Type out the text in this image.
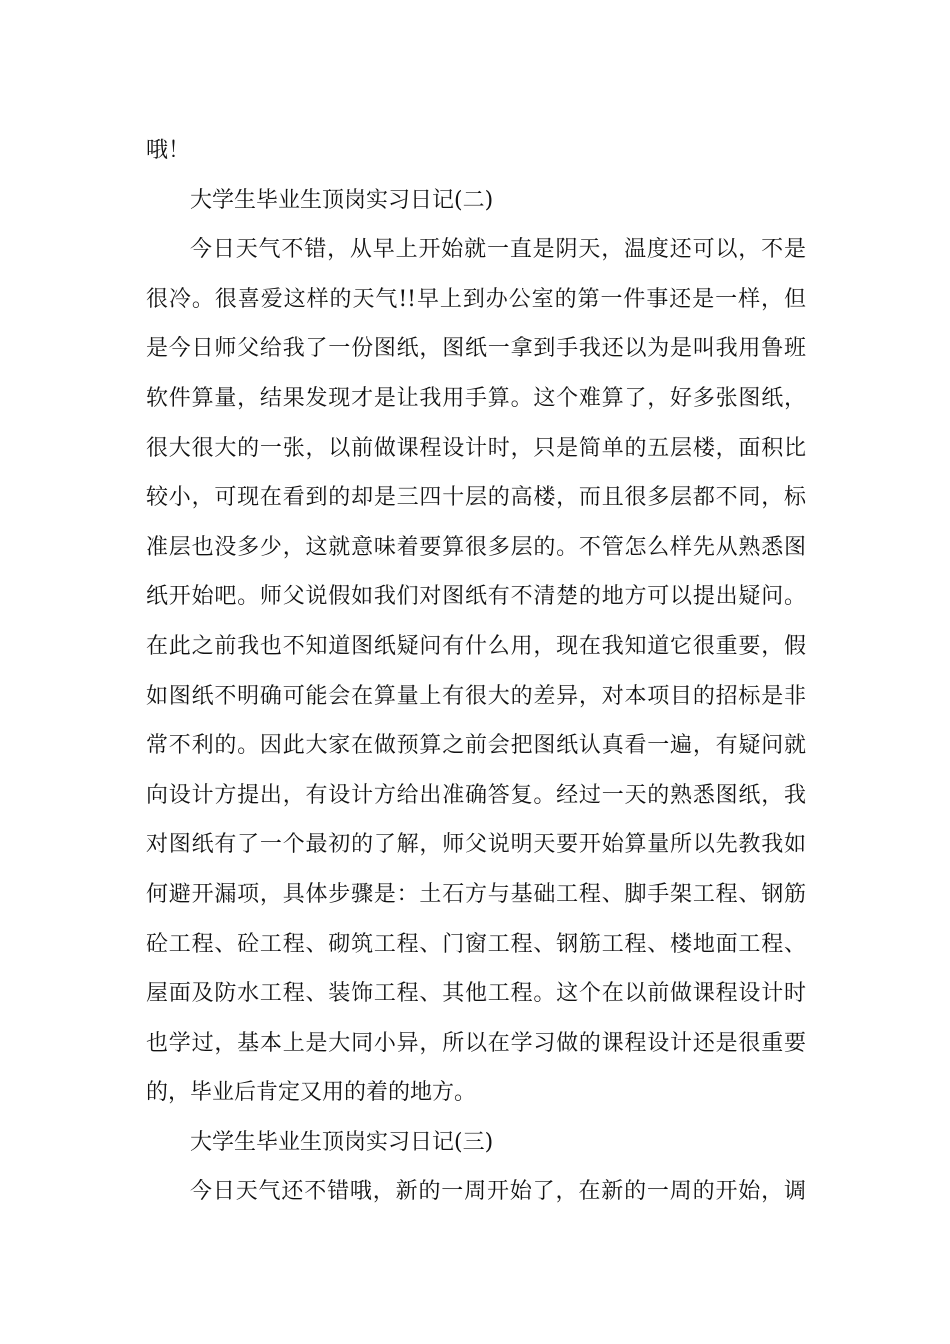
哦！
大学生毕业生顶岗实习日记(二)
今日天气不错，从早上开始就一直是阴天，温度还可以，不是
很冷。很喜爱这样的天气!!早上到办公室的第一件事还是一样，但
是今日师父给我了一份图纸，图纸一拿到手我还以为是叫我用鲁班
软件算量，结果发现才是让我用手算。这个难算了，好多张图纸，
很大很大的一张，以前做课程设计时，只是简单的五层楼，面积比
较小，可现在看到的却是三四十层的高楼，而且很多层都不同，标
准层也没多少，这就意味着要算很多层的。不管怎么样先从熟悉图
纸开始吧。师父说假如我们对图纸有不清楚的地方可以提出疑问。
在此之前我也不知道图纸疑问有什么用，现在我知道它很重要，假
如图纸不明确可能会在算量上有很大的差异，对本项目的招标是非
常不利的。因此大家在做预算之前会把图纸认真看一遍，有疑问就
向设计方提出，有设计方给出准确答复。经过一天的熟悉图纸，我
对图纸有了一个最初的了解，师父说明天要开始算量所以先教我如
何避开漏项，具体步骤是：土石方与基础工程、脚手架工程、钢筋
砼工程、砼工程、砌筑工程、门窗工程、钢筋工程、楼地面工程、
屋面及防水工程、装饰工程、其他工程。这个在以前做课程设计时
也学过，基本上是大同小异，所以在学习做的课程设计还是很重要
的，毕业后肯定又用的着的地方。
大学生毕业生顶岗实习日记(三)
今日天气还不错哦，新的一周开始了，在新的一周的开始，调
